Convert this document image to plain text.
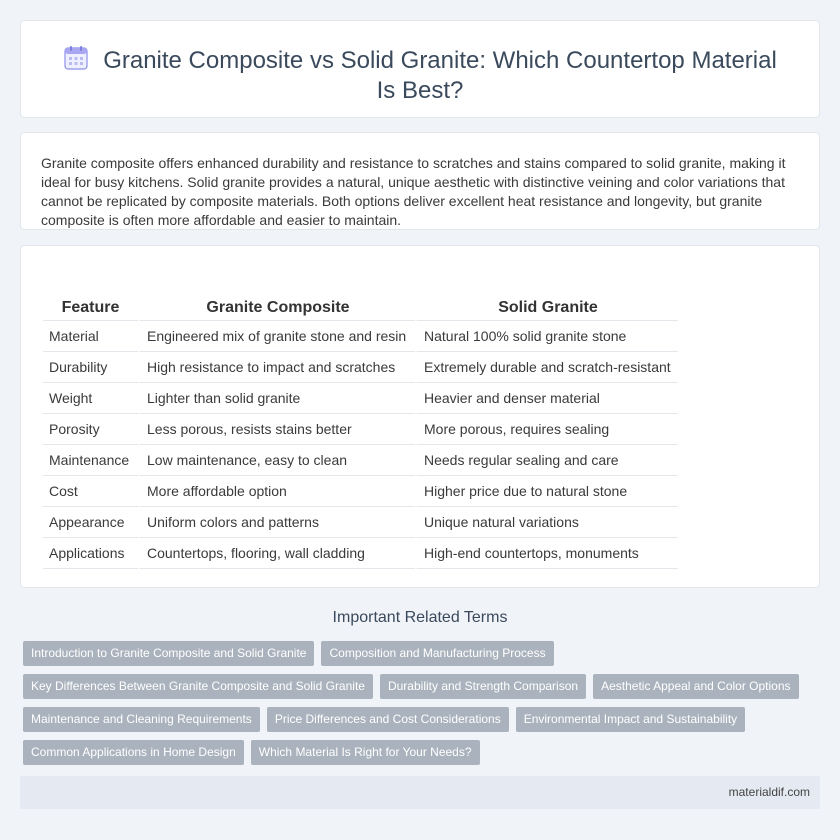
Granite Composite vs Solid Granite: Which Countertop Material Is Best?

Granite composite offers enhanced durability and resistance to scratches and stains compared to solid granite, making it ideal for busy kitchens. Solid granite provides a natural, unique aesthetic with distinctive veining and color variations that cannot be replicated by composite materials. Both options deliver excellent heat resistance and longevity, but granite composite is often more affordable and easier to maintain.

Feature	Granite Composite	Solid Granite
Material	Engineered mix of granite stone and resin	Natural 100% solid granite stone
Durability	High resistance to impact and scratches	Extremely durable and scratch-resistant
Weight	Lighter than solid granite	Heavier and denser material
Porosity	Less porous, resists stains better	More porous, requires sealing
Maintenance	Low maintenance, easy to clean	Needs regular sealing and care
Cost	More affordable option	Higher price due to natural stone
Appearance	Uniform colors and patterns	Unique natural variations
Applications	Countertops, flooring, wall cladding	High-end countertops, monuments
Important Related Terms
Introduction to Granite Composite and Solid Granite	Composition and Manufacturing Process
Key Differences Between Granite Composite and Solid Granite	Durability and Strength Comparison	Aesthetic Appeal and Color Options
Maintenance and Cleaning Requirements	Price Differences and Cost Considerations	Environmental Impact and Sustainability
Common Applications in Home Design	Which Material Is Right for Your Needs?
materialdif.com
